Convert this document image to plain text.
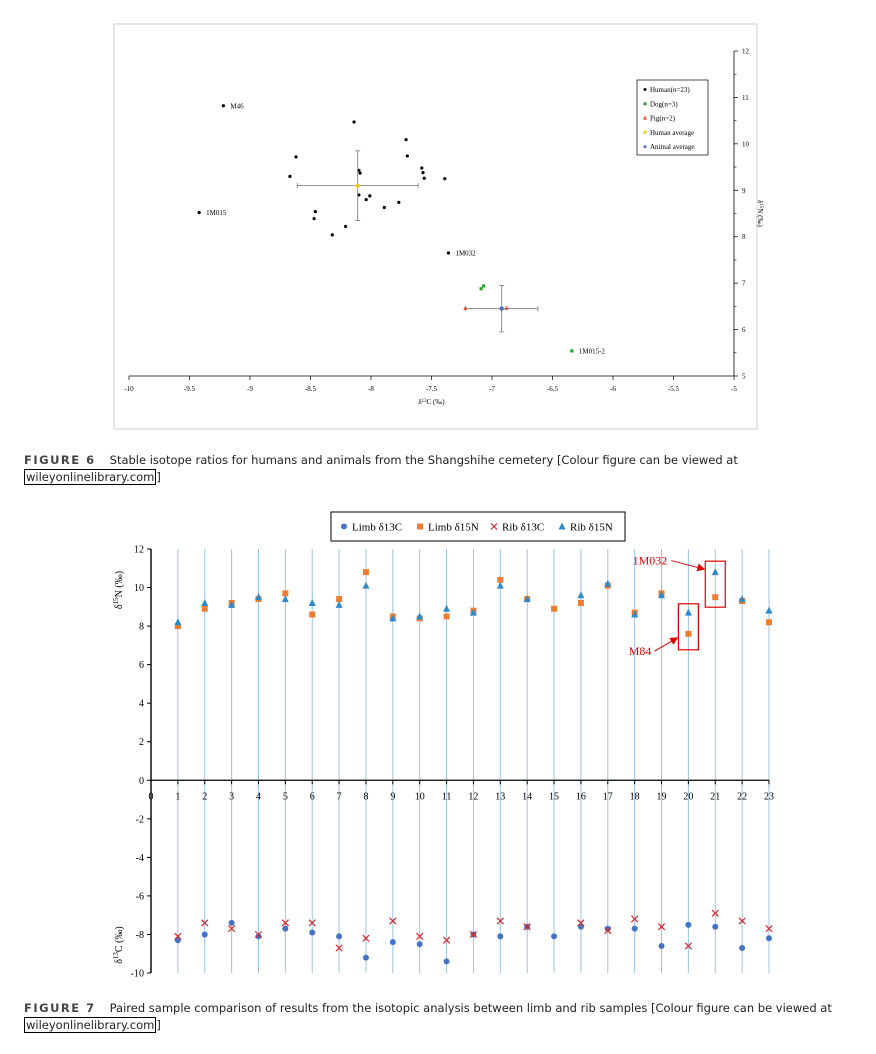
-10	-9.5	-9	-8.5	-8	-7.5	-7	-6.5	-6	-5.5	-5
$\delta^{13}C$ (‰)
5
6
7
8
9
10
11
12
$\delta^{15}N$ (‰)
M46
1M015
1M032
1M015-2
Human(n=23)
Dog(n=3)
Pig(n=2)
Human average
Animal average
FIGURE 6 Stable isotope ratios for humans and animals from the Shangshihe cemetery [Colour figure can be viewed at wileyonlinelibrary.com ]
-10
-8
-6
-4
-2
0
2
4
6
8
10
12
0 1 2 3 4 5 6 7 8 9 10 11 12 13 14 15 16 17 18 19 20 21 22 23
$\delta^{15}N$ (‰)
$\delta^{13}C$ (‰)
1M032
M84
Limb δ13C Limb δ15N Rib δ13C Rib δ15N
FIGURE 7 Paired sample comparison of results from the isotopic analysis between limb and rib samples [Colour figure can be viewed at wileyonlinelibrary.com ]
